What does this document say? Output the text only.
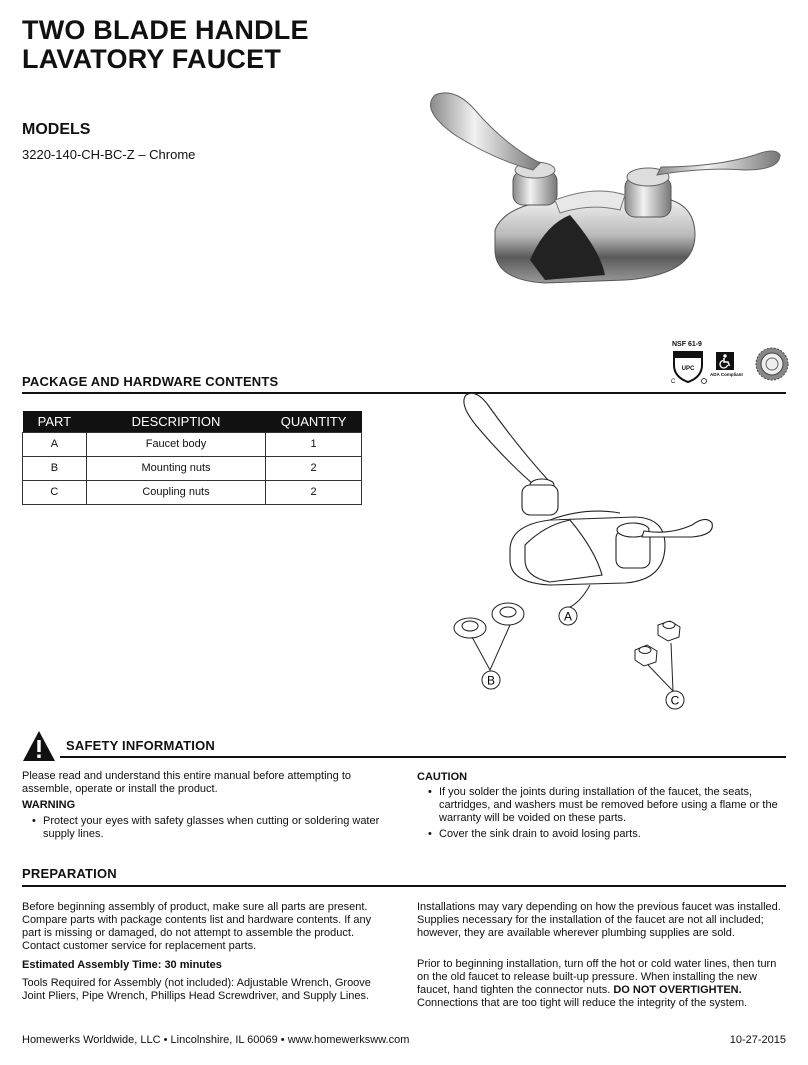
TWO BLADE HANDLE
LAVATORY FAUCET
MODELS
3220-140-CH-BC-Z – Chrome
NSF 61-9
UPC
C
ADA Compliant
PACKAGE AND HARDWARE CONTENTS
PART	DESCRIPTION	QUANTITY
A	Faucet body	1
B	Mounting nuts	2
C	Coupling nuts	2
A
B
C
SAFETY INFORMATION
Please read and understand this entire manual before attempting to assemble, operate or install the product.
WARNING
• Protect your eyes with safety glasses when cutting or soldering water supply lines.
CAUTION
• If you solder the joints during installation of the faucet, the seats, cartridges, and washers must be removed before using a flame or the warranty will be voided on these parts.
• Cover the sink drain to avoid losing parts.
PREPARATION
Before beginning assembly of product, make sure all parts are present. Compare parts with package contents list and hardware contents. If any part is missing or damaged, do not attempt to assemble the product. Contact customer service for replacement parts.
Estimated Assembly Time: 30 minutes
Tools Required for Assembly (not included): Adjustable Wrench, Groove Joint Pliers, Pipe Wrench, Phillips Head Screwdriver, and Supply Lines.
Installations may vary depending on how the previous faucet was installed. Supplies necessary for the installation of the faucet are not all included; however, they are available wherever plumbing supplies are sold.
Prior to beginning installation, turn off the hot or cold water lines, then turn on the old faucet to release built-up pressure. When installing the new faucet, hand tighten the connector nuts. DO NOT OVERTIGHTEN. Connections that are too tight will reduce the integrity of the system.
Homewerks Worldwide, LLC • Lincolnshire, IL 60069 • www.homewerksww.com	10-27-2015
